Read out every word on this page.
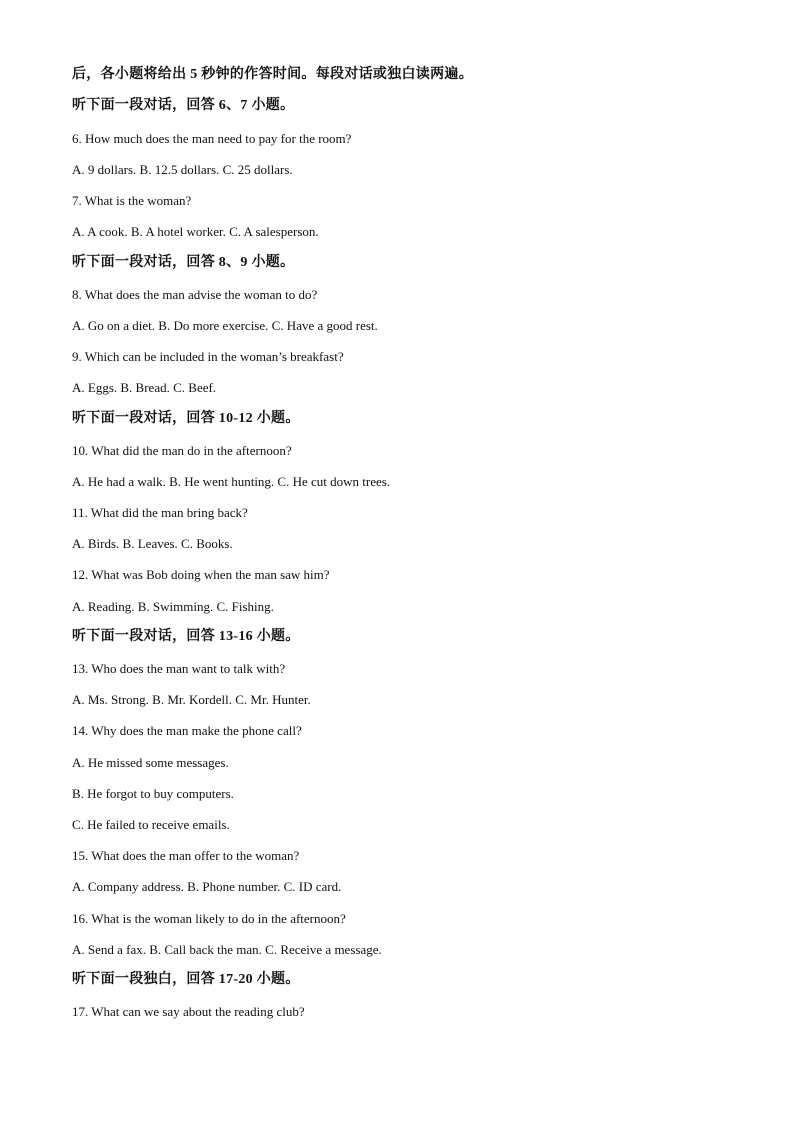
后，各小题将给出 5 秒钟的作答时间。每段对话或独白读两遍。
听下面一段对话，回答 6、7 小题。
6. How much does the man need to pay for the room?
A. 9 dollars. B. 12.5 dollars. C. 25 dollars.
7. What is the woman?
A. A cook. B. A hotel worker. C. A salesperson.
听下面一段对话，回答 8、9 小题。
8. What does the man advise the woman to do?
A. Go on a diet. B. Do more exercise. C. Have a good rest.
9. Which can be included in the woman’s breakfast?
A. Eggs. B. Bread. C. Beef.
听下面一段对话，回答 10-12 小题。
10. What did the man do in the afternoon?
A. He had a walk. B. He went hunting. C. He cut down trees.
11. What did the man bring back?
A. Birds. B. Leaves. C. Books.
12. What was Bob doing when the man saw him?
A. Reading. B. Swimming. C. Fishing.
听下面一段对话，回答 13-16 小题。
13. Who does the man want to talk with?
A. Ms. Strong. B. Mr. Kordell. C. Mr. Hunter.
14. Why does the man make the phone call?
A. He missed some messages.
B. He forgot to buy computers.
C. He failed to receive emails.
15. What does the man offer to the woman?
A. Company address. B. Phone number. C. ID card.
16. What is the woman likely to do in the afternoon?
A. Send a fax. B. Call back the man. C. Receive a message.
听下面一段独白，回答 17-20 小题。
17. What can we say about the reading club?
